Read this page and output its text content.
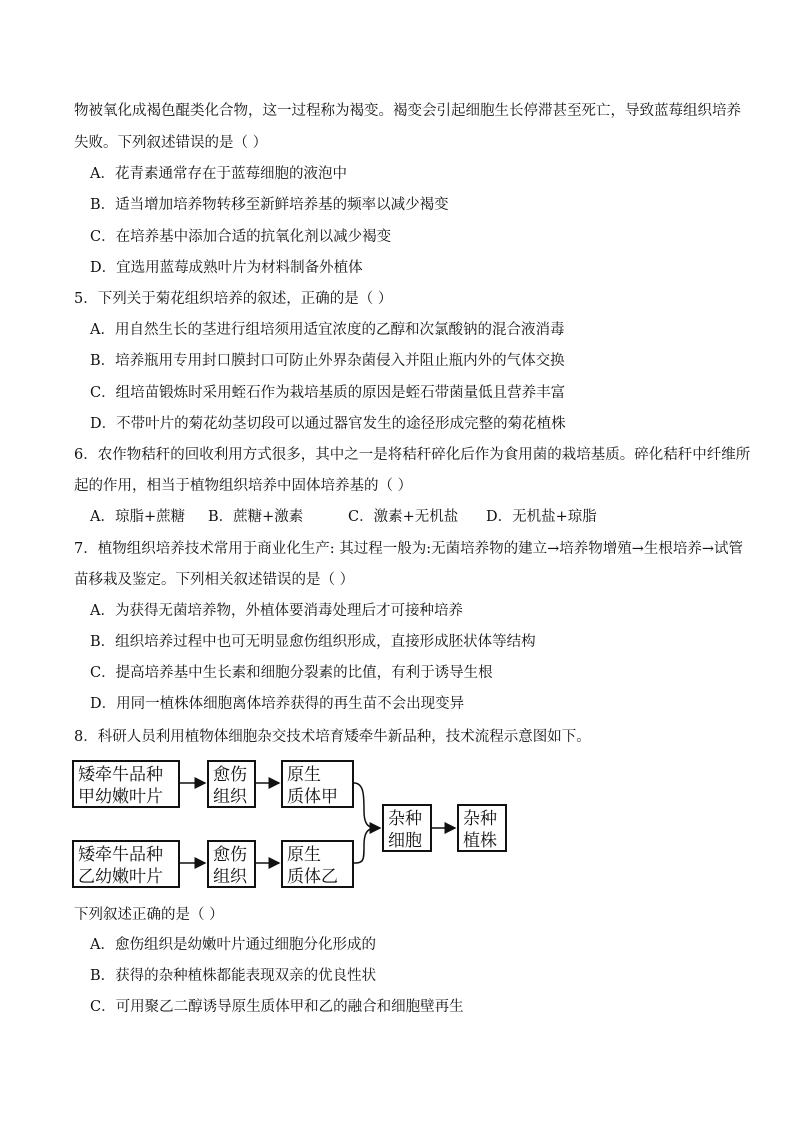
物被氧化成褐色醌类化合物，这一过程称为褐变。褐变会引起细胞生长停滞甚至死亡，导致蓝莓组织培养
失败。下列叙述错误的是（ ）
A．花青素通常存在于蓝莓细胞的液泡中
B．适当增加培养物转移至新鲜培养基的频率以减少褐变
C．在培养基中添加合适的抗氧化剂以减少褐变
D．宜选用蓝莓成熟叶片为材料制备外植体
5．下列关于菊花组织培养的叙述，正确的是（ ）
A．用自然生长的茎进行组培须用适宜浓度的乙醇和次氯酸钠的混合液消毒
B．培养瓶用专用封口膜封口可防止外界杂菌侵入并阻止瓶内外的气体交换
C．组培苗锻炼时采用蛭石作为栽培基质的原因是蛭石带菌量低且营养丰富
D．不带叶片的菊花幼茎切段可以通过器官发生的途径形成完整的菊花植株
6．农作物秸秆的回收利用方式很多，其中之一是将秸秆碎化后作为食用菌的栽培基质。碎化秸秆中纤维所
起的作用，相当于植物组织培养中固体培养基的（ ）
A．琼脂+蔗糖 B．蔗糖+激素	C．激素+无机盐 D．无机盐+琼脂
7．植物组织培养技术常用于商业化生产: 其过程一般为:无菌培养物的建立→培养物增殖→生根培养→试管
苗移栽及鉴定。下列相关叙述错误的是（ ）
A．为获得无菌培养物，外植体要消毒处理后才可接种培养
B．组织培养过程中也可无明显愈伤组织形成，直接形成胚状体等结构
C．提高培养基中生长素和细胞分裂素的比值，有利于诱导生根
D．用同一植株体细胞离体培养获得的再生苗不会出现变异
8．科研人员利用植物体细胞杂交技术培育矮牵牛新品种，技术流程示意图如下。
矮牵牛品种
甲幼嫩叶片
愈伤
组织
原生
质体甲
矮牵牛品种
乙幼嫩叶片
愈伤
组织
原生
质体乙
杂种
细胞
杂种
植株
下列叙述正确的是（ ）
A．愈伤组织是幼嫩叶片通过细胞分化形成的
B．获得的杂种植株都能表现双亲的优良性状
C．可用聚乙二醇诱导原生质体甲和乙的融合和细胞壁再生
